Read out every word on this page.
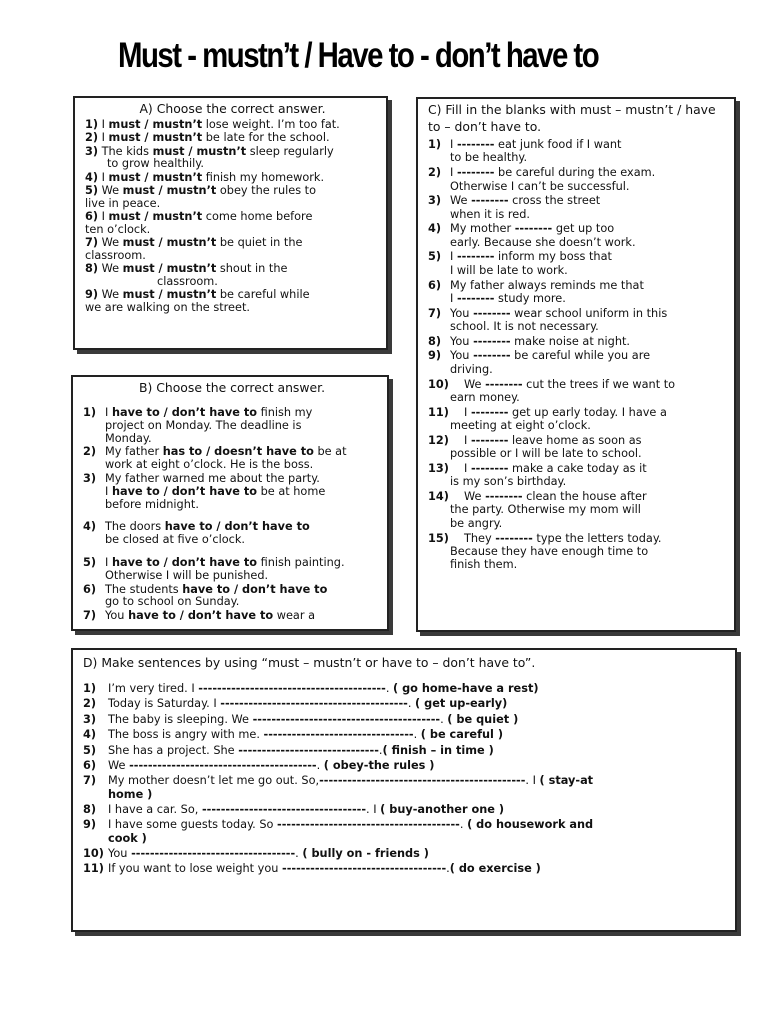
Must - mustn’t / Have to - don’t have to
A) Choose the correct answer.
1) I must / mustn’t lose weight. I’m too fat.
2) I must / mustn’t be late for the school.
3) The kids must / mustn’t sleep regularly
to grow healthily.
4) I must / mustn’t finish my homework.
5) We must / mustn’t obey the rules to
live in peace.
6) I must / mustn’t come home before
ten o’clock.
7) We must / mustn’t be quiet in the
classroom.
8) We must / mustn’t shout in the
classroom.
9) We must / mustn’t be careful while
we are walking on the street.
B) Choose the correct answer.
1) I have to / don’t have to finish my
project on Monday. The deadline is
Monday.
2) My father has to / doesn’t have to be at
work at eight o’clock. He is the boss.
3) My father warned me about the party.
I have to / don’t have to be at home
before midnight.
4) The doors have to / don’t have to
be closed at five o’clock.
5) I have to / don’t have to finish painting.
Otherwise I will be punished.
6) The students have to / don’t have to
go to school on Sunday.
7) You have to / don’t have to wear a
C) Fill in the blanks with must – mustn’t / have to – don’t have to.
1) I -------- eat junk food if I want
to be healthy.
2) I -------- be careful during the exam.
Otherwise I can’t be successful.
3) We -------- cross the street
when it is red.
4) My mother -------- get up too
early. Because she doesn’t work.
5) I -------- inform my boss that
I will be late to work.
6) My father always reminds me that
I -------- study more.
7) You -------- wear school uniform in this
school. It is not necessary.
8) You -------- make noise at night.
9) You -------- be careful while you are
driving.
10) We -------- cut the trees if we want to
earn money.
11) I -------- get up early today. I have a
meeting at eight o’clock.
12) I -------- leave home as soon as
possible or I will be late to school.
13) I -------- make a cake today as it
is my son’s birthday.
14) We -------- clean the house after
the party. Otherwise my mom will
be angry.
15) They -------- type the letters today.
Because they have enough time to
finish them.
D) Make sentences by using “must – mustn’t or have to – don’t have to”.
1) I’m very tired. I ----------------------------------------. ( go home-have a rest)
2) Today is Saturday. I ----------------------------------------. ( get up-early)
3) The baby is sleeping. We ----------------------------------------. ( be quiet )
4) The boss is angry with me. --------------------------------. ( be careful )
5) She has a project. She ------------------------------.( finish – in time )
6) We ----------------------------------------. ( obey-the rules )
7) My mother doesn’t let me go out. So,--------------------------------------------. I ( stay-at
home )
8) I have a car. So, -----------------------------------. I ( buy-another one )
9) I have some guests today. So ---------------------------------------. ( do housework and
cook )
10) You -----------------------------------. ( bully on - friends )
11) If you want to lose weight you -----------------------------------.( do exercise )
